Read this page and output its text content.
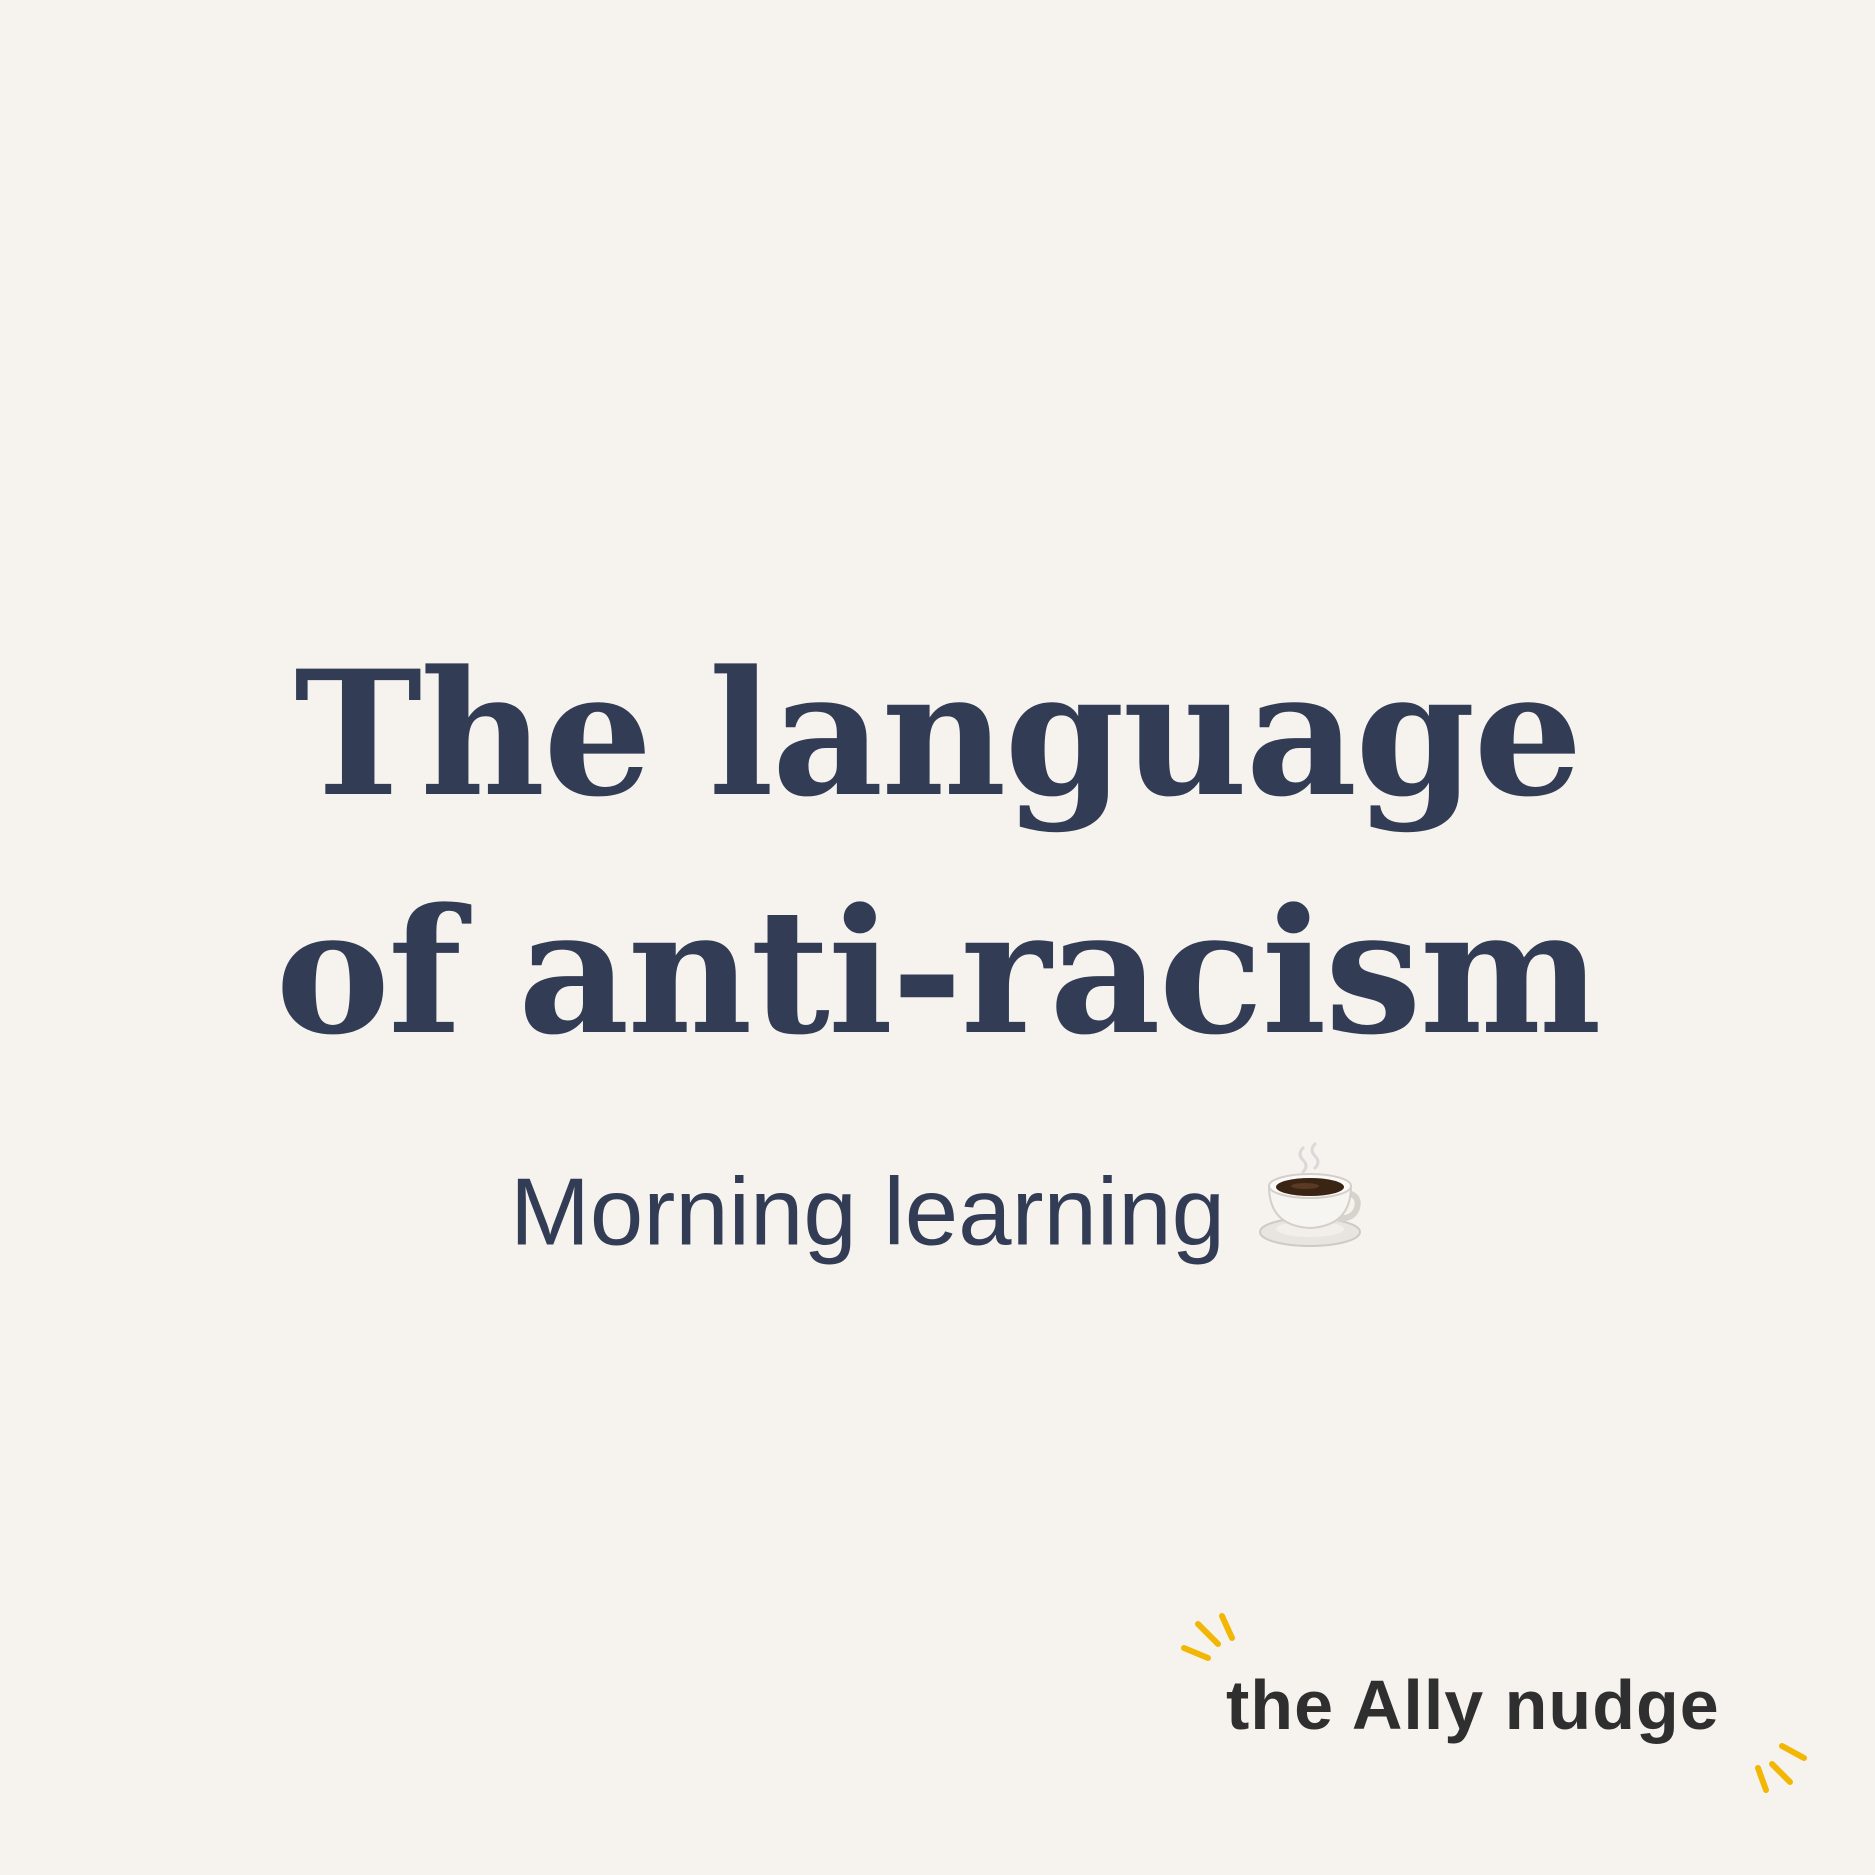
The language
of anti-racism
Morning learning
the Ally nudge
